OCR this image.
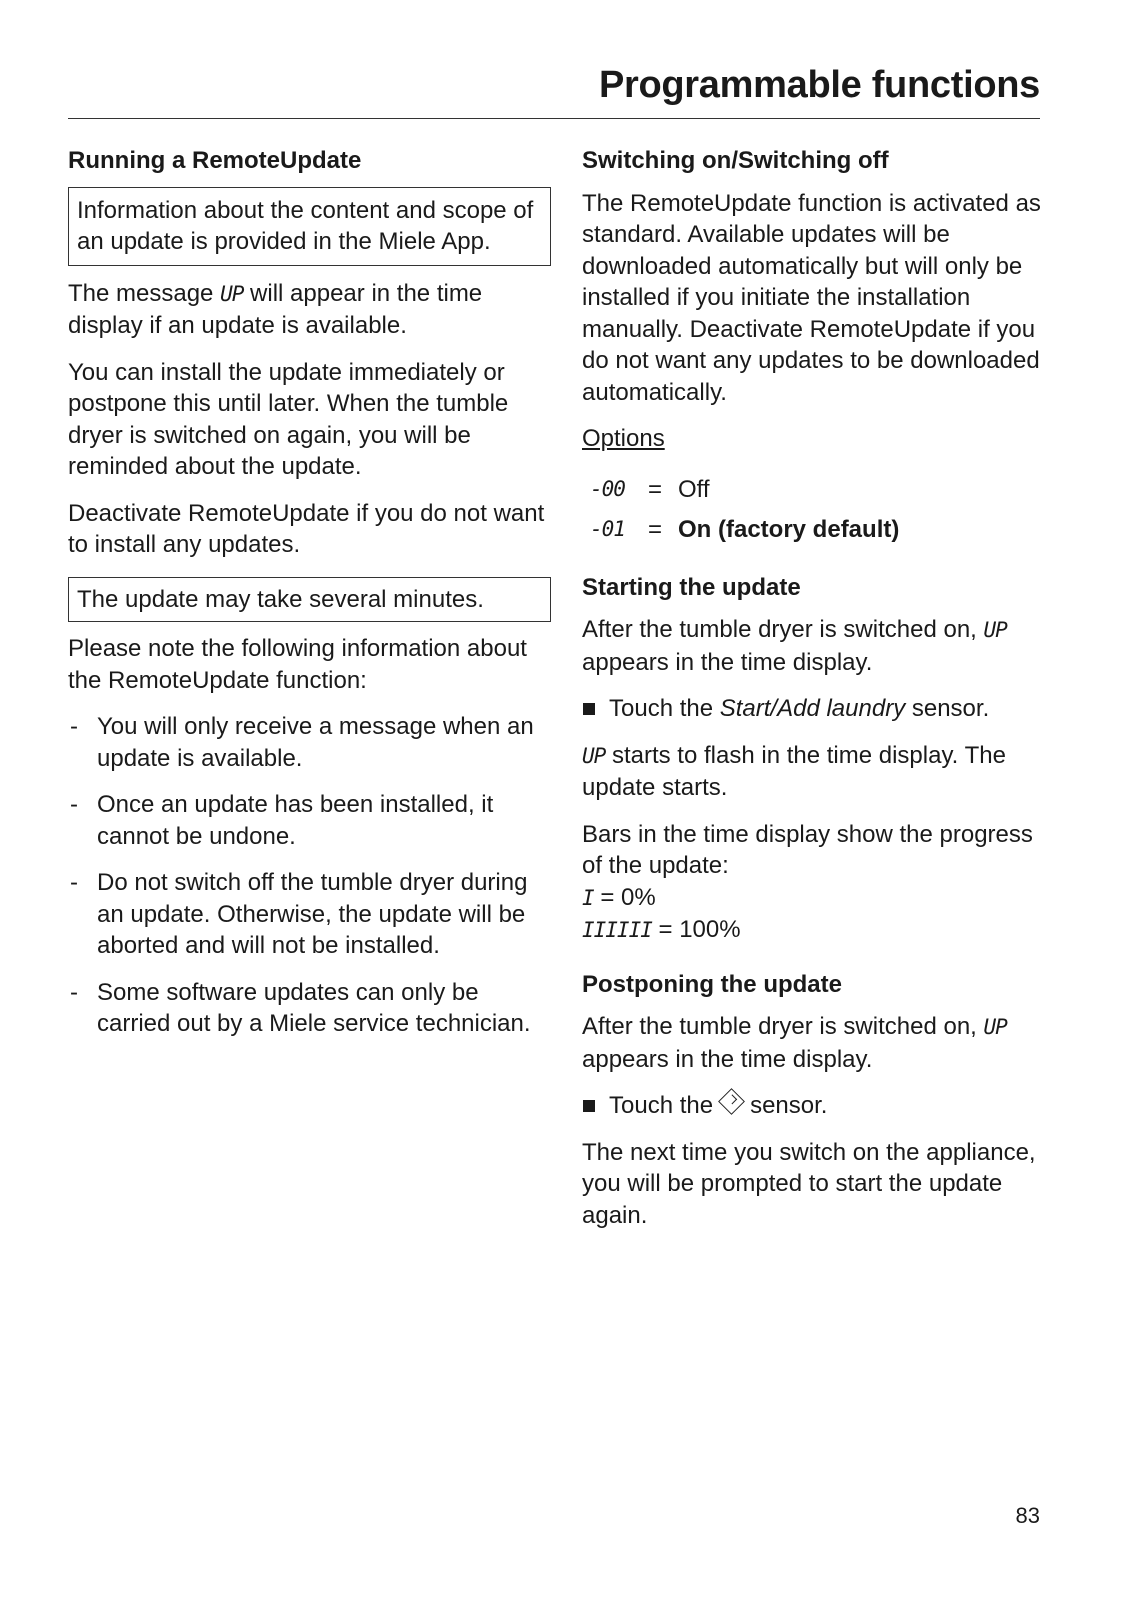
Programmable functions

Running a RemoteUpdate

Information about the content and scope of an update is provided in the Miele App.

The message UP will appear in the time display if an update is available.

You can install the update immediately or postpone this until later. When the tumble dryer is switched on again, you will be reminded about the update.

Deactivate RemoteUpdate if you do not want to install any updates.

The update may take several minutes.

Please note the following information about the RemoteUpdate function:

- You will only receive a message when an update is available.
- Once an update has been installed, it cannot be undone.
- Do not switch off the tumble dryer during an update. Otherwise, the update will be aborted and will not be installed.
- Some software updates can only be carried out by a Miele service technician.

Switching on/Switching off

The RemoteUpdate function is activated as standard. Available updates will be downloaded automatically but will only be installed if you initiate the installation manually. Deactivate RemoteUpdate if you do not want any updates to be downloaded automatically.

Options

-00 = Off
-01 = On (factory default)

Starting the update

After the tumble dryer is switched on, UP appears in the time display.

Touch the Start/Add laundry sensor.

UP starts to flash in the time display. The update starts.

Bars in the time display show the progress of the update:

I = 0%

IIIIII = 100%

Postponing the update

After the tumble dryer is switched on, UP appears in the time display.

Touch the sensor.

The next time you switch on the appliance, you will be prompted to start the update again.

83
